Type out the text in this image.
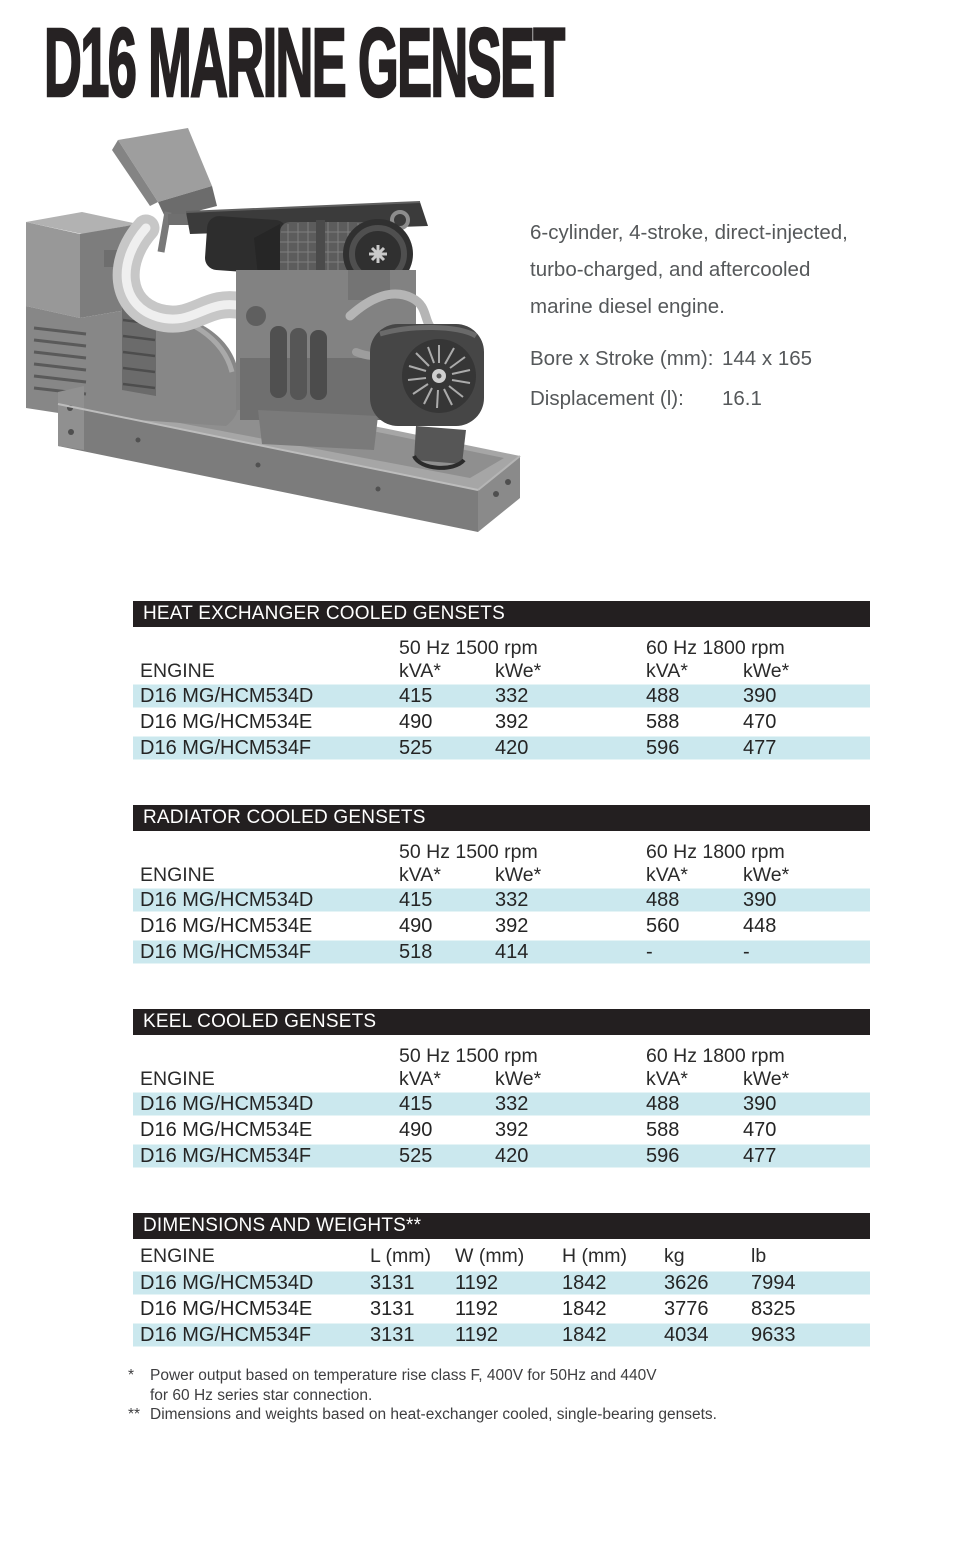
D16 MARINE GENSET
6-cylinder, 4-stroke, direct-injected,
turbo-charged, and aftercooled
marine diesel engine.
Bore x Stroke (mm): 144 x 165
Displacement (l):	16.1
HEAT EXCHANGER COOLED GENSETS
50 Hz 1500 rpm	60 Hz 1800 rpm
ENGINE	kVA*	kWe*	kVA*	kWe*
D16 MG/HCM534D	415	332	488	390
D16 MG/HCM534E	490	392	588	470
D16 MG/HCM534F	525	420	596	477
RADIATOR COOLED GENSETS
50 Hz 1500 rpm	60 Hz 1800 rpm
ENGINE	kVA*	kWe*	kVA*	kWe*
D16 MG/HCM534D	415	332	488	390
D16 MG/HCM534E	490	392	560	448
D16 MG/HCM534F	518	414	-	-
KEEL COOLED GENSETS
50 Hz 1500 rpm	60 Hz 1800 rpm
ENGINE	kVA*	kWe*	kVA*	kWe*
D16 MG/HCM534D	415	332	488	390
D16 MG/HCM534E	490	392	588	470
D16 MG/HCM534F	525	420	596	477
DIMENSIONS AND WEIGHTS**
ENGINE	L (mm)	W (mm)	H (mm)	kg	lb
D16 MG/HCM534D	3131	1192	1842	3626	7994
D16 MG/HCM534E	3131	1192	1842	3776	8325
D16 MG/HCM534F	3131	1192	1842	4034	9633
*	Power output based on temperature rise class F, 400V for 50Hz and 440V
for 60 Hz series star connection.
** Dimensions and weights based on heat-exchanger cooled, single-bearing gensets.
